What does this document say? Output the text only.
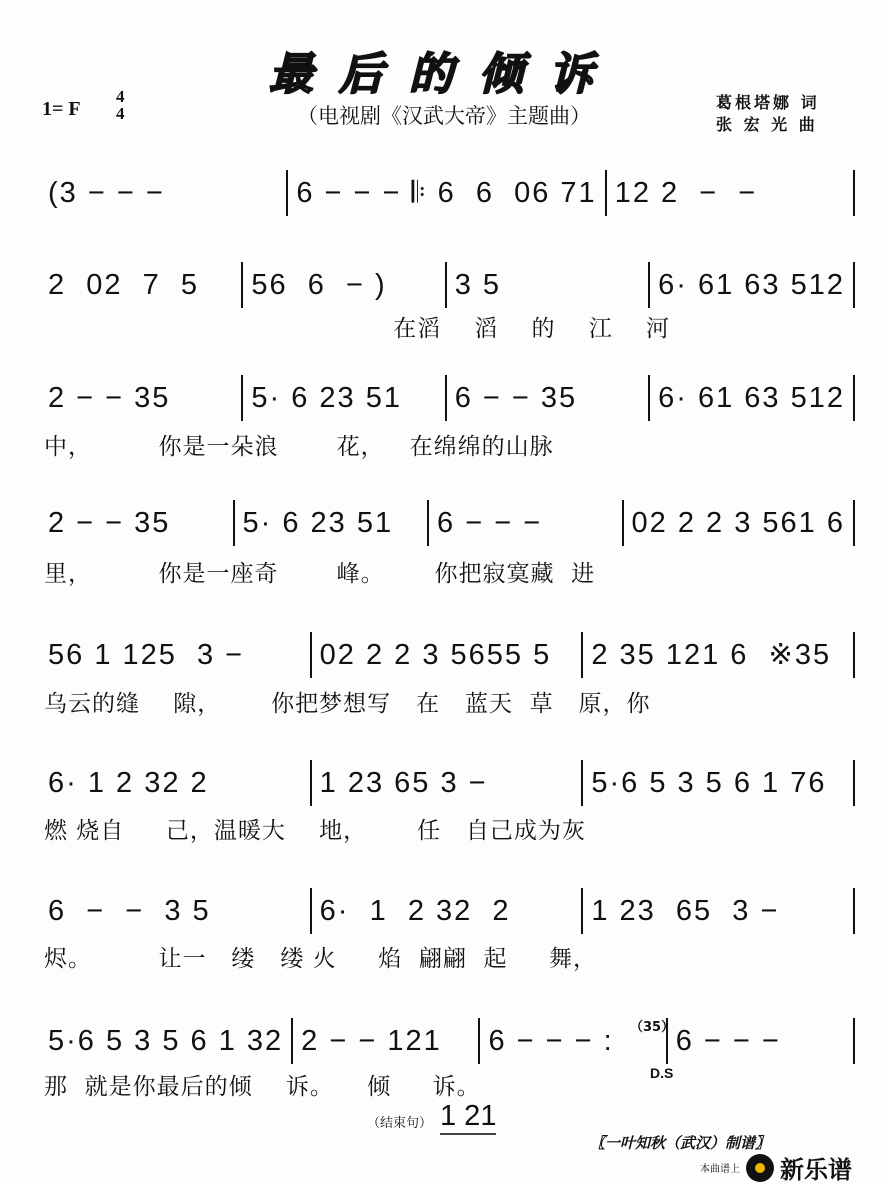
最后的倾诉
1= F
4
4	（电视剧《汉武大帝》主题曲）
葛根塔娜 词
张 宏 光 曲
(3 − − −	6 − − − 𝄆 6  6  06 71 12 2  −  −
2  02  7  5	56  6  − )	3 5	6· 61 63 512
在滔    滔    的    江    河
2 − − 35	5· 6 23 51	6 − − 35	6· 61 63 512
中，        你是一朵浪       花，   在绵绵的山脉
2 − − 35	5· 6 23 51	6 − − −	02 2 2 3 561 6
里，        你是一座奇       峰。      你把寂寞藏  进
56 1 125  3 −	02 2 2 3 5655 5	2 35 121 6  ※35
乌云的缝    隙，      你把梦想写   在   蓝天  草   原，你
6· 1 2 32 2	1 23 65 3 −	5·6 5 3 5 6 1 76
燃 烧自     己，温暖大    地，      任   自己成为灰
6  −  −  3 5	6·  1  2 32  2	1 23  65  3 −
烬。        让一   缕   缕 火     焰  翩翩  起     舞，
5·6 5 3 5 6 1 32 2 − − 121	6 − − − :	6 − − −
那  就是你最后的倾    诉。    倾     诉。
（35）
D.S
（结束句） 1 21
〖一叶知秋（武汉）制谱〗
本曲谱上 新乐谱
